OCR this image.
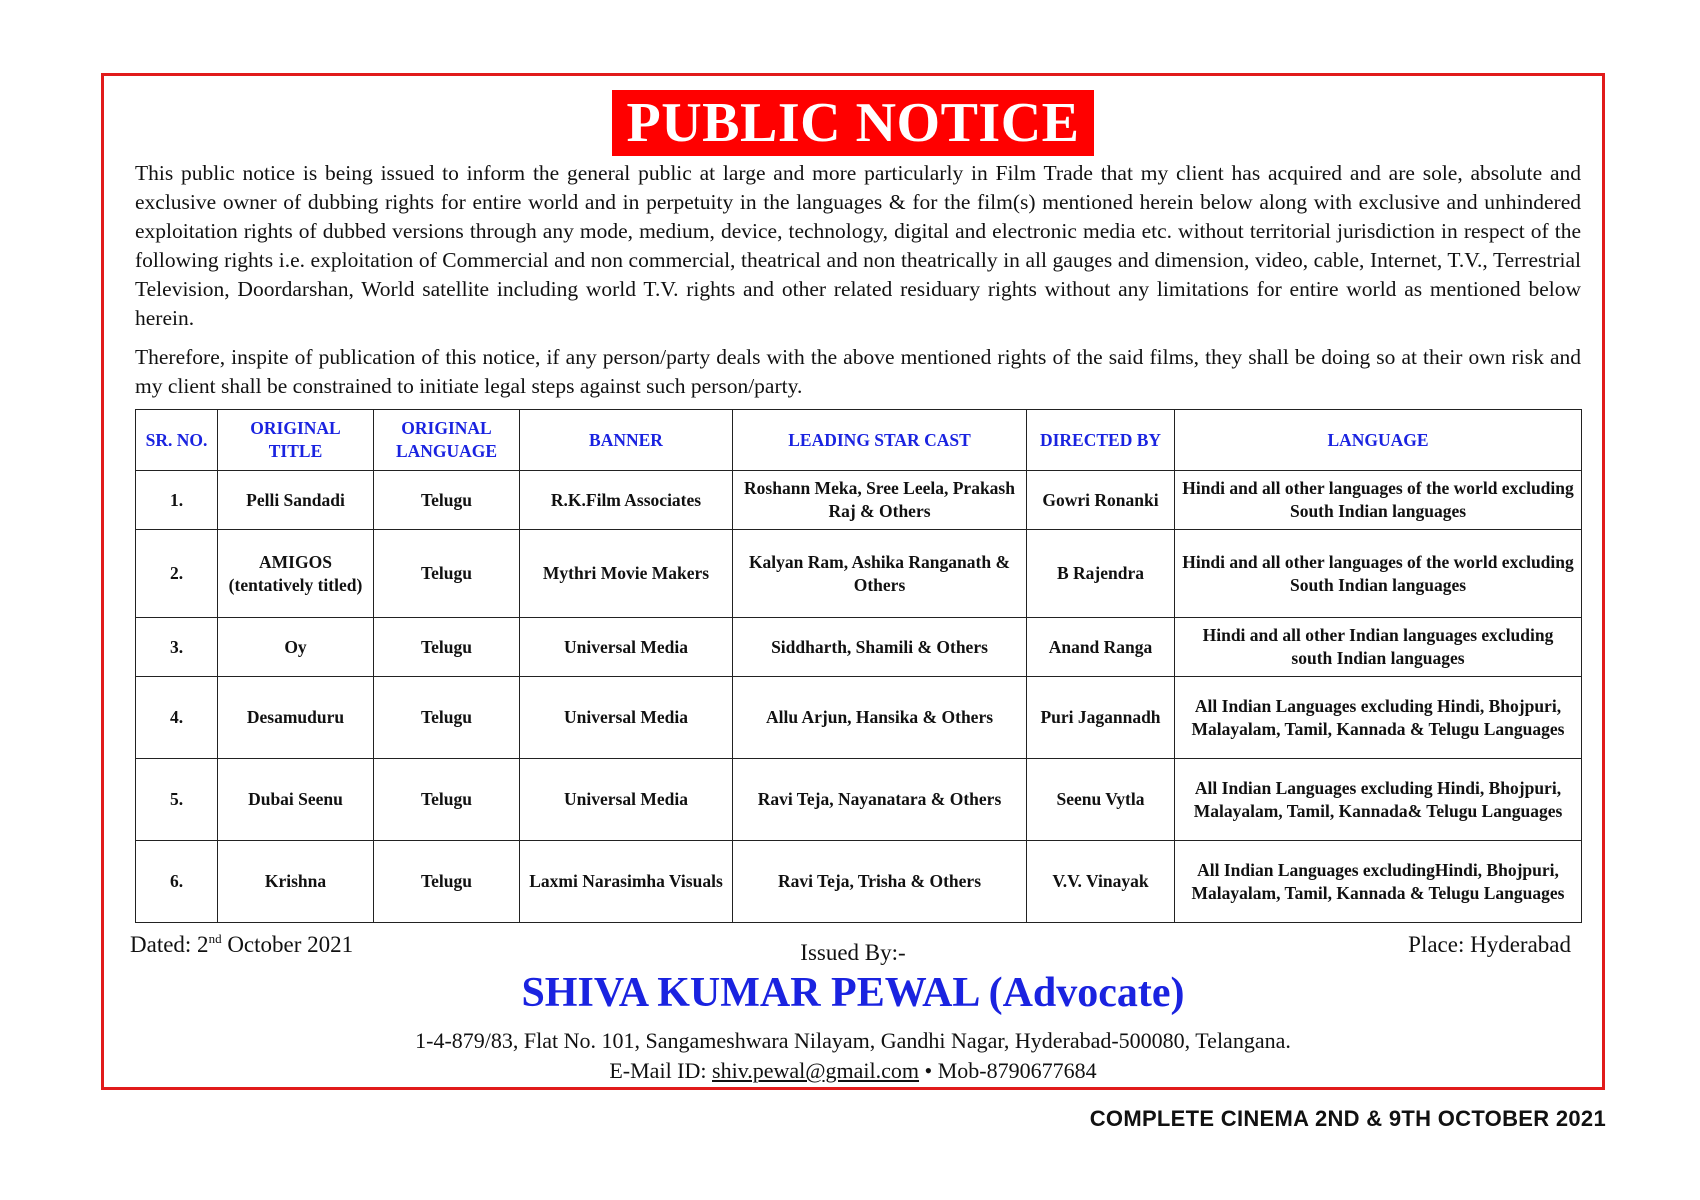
PUBLIC NOTICE

This public notice is being issued to inform the general public at large and more particularly in Film Trade that my client has acquired and are sole, absolute and exclusive owner of dubbing rights for entire world and in perpetuity in the languages & for the film(s) mentioned herein below along with exclusive and unhindered exploitation rights of dubbed versions through any mode, medium, device, technology, digital and electronic media etc. without territorial jurisdiction in respect of the following rights i.e. exploitation of Commercial and non commercial, theatrical and non theatrically in all gauges and dimension, video, cable, Internet, T.V., Terrestrial Television, Doordarshan, World satellite including world T.V. rights and other related residuary rights without any limitations for entire world as mentioned below herein.

Therefore, inspite of publication of this notice, if any person/party deals with the above mentioned rights of the said films, they shall be doing so at their own risk and my client shall be constrained to initiate legal steps against such person/party.

SR. NO.	ORIGINAL TITLE	ORIGINAL LANGUAGE	BANNER	LEADING STAR CAST	DIRECTED BY	LANGUAGE
1.	Pelli Sandadi	Telugu	R.K.Film Associates	Roshann Meka, Sree Leela, Prakash Raj & Others	Gowri Ronanki	Hindi and all other languages of the world excluding South Indian languages
2.	AMIGOS (tentatively titled)	Telugu	Mythri Movie Makers	Kalyan Ram, Ashika Ranganath & Others	B Rajendra	Hindi and all other languages of the world excluding South Indian languages
3.	Oy	Telugu	Universal Media	Siddharth, Shamili & Others	Anand Ranga	Hindi and all other Indian languages excluding south Indian languages
4.	Desamuduru	Telugu	Universal Media	Allu Arjun, Hansika & Others	Puri Jagannadh	All Indian Languages excluding Hindi, Bhojpuri, Malayalam, Tamil, Kannada & Telugu Languages
5.	Dubai Seenu	Telugu	Universal Media	Ravi Teja, Nayanatara & Others	Seenu Vytla	All Indian Languages excluding Hindi, Bhojpuri, Malayalam, Tamil, Kannada& Telugu Languages
6.	Krishna	Telugu	Laxmi Narasimha Visuals	Ravi Teja, Trisha & Others	V.V. Vinayak	All Indian Languages excludingHindi, Bhojpuri, Malayalam, Tamil, Kannada & Telugu Languages
Dated: 2nd October 2021	Issued By:-	Place: Hyderabad
SHIVA KUMAR PEWAL (Advocate)
1-4-879/83, Flat No. 101, Sangameshwara Nilayam, Gandhi Nagar, Hyderabad-500080, Telangana.
E-Mail ID: shiv.pewal@gmail.com • Mob-8790677684
COMPLETE CINEMA 2ND & 9TH OCTOBER 2021
